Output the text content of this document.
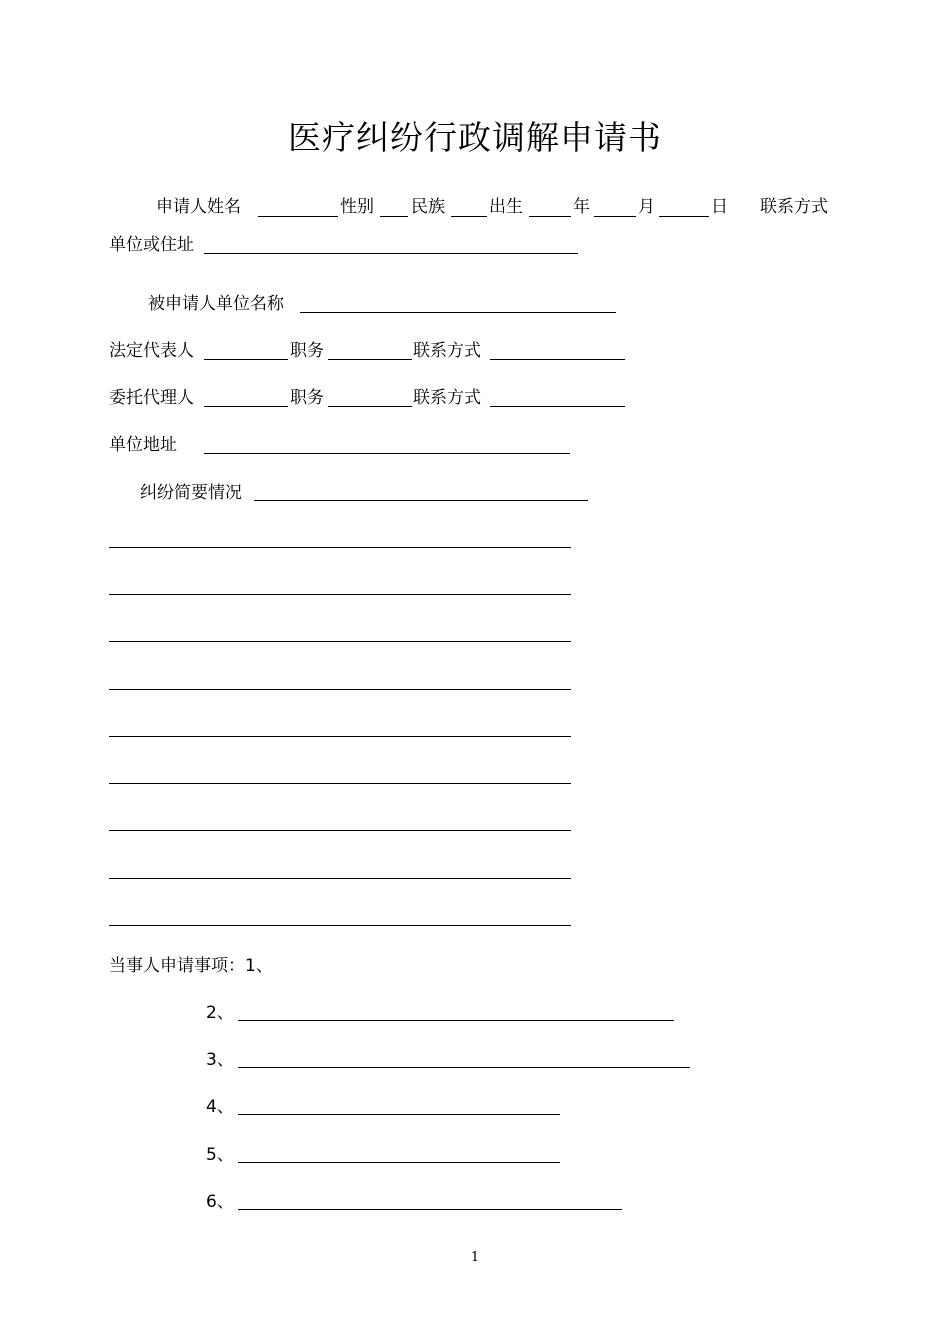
医疗纠纷行政调解申请书
申请人姓名	性别 民族	出生	年	月	日 联系方式
单位或住址
被申请人单位名称
法定代表人	职务	联系方式
委托代理人	职务	联系方式
单位地址
纠纷简要情况
当事人申请事项：1、
2、
3、
4、
5、
6、
1
